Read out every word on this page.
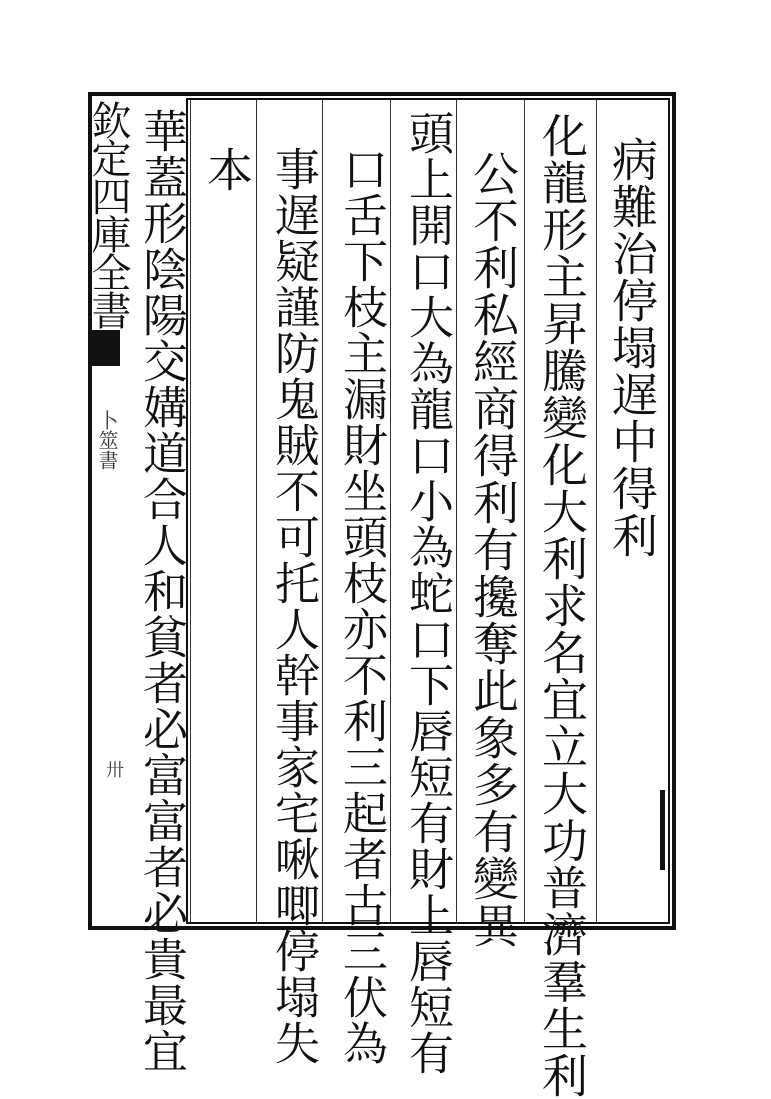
欽定四庫全書
卜筮書
卅
病難治停塌遅中得利
化龍形主昇騰變化大利求名宜立大功普濟羣生利
公不利私經商得利有攙奪此象多有變異
頭上開口大為龍口小為蛇口下唇短有財上唇短有
口舌下枝主漏財坐頭枝亦不利三起者古三伏為
事遅疑謹防鬼賊不可托人幹事家宅啾唧停塌失
本
華蓋形陰陽交媾道合人和貧者必富富者必貴最宜
